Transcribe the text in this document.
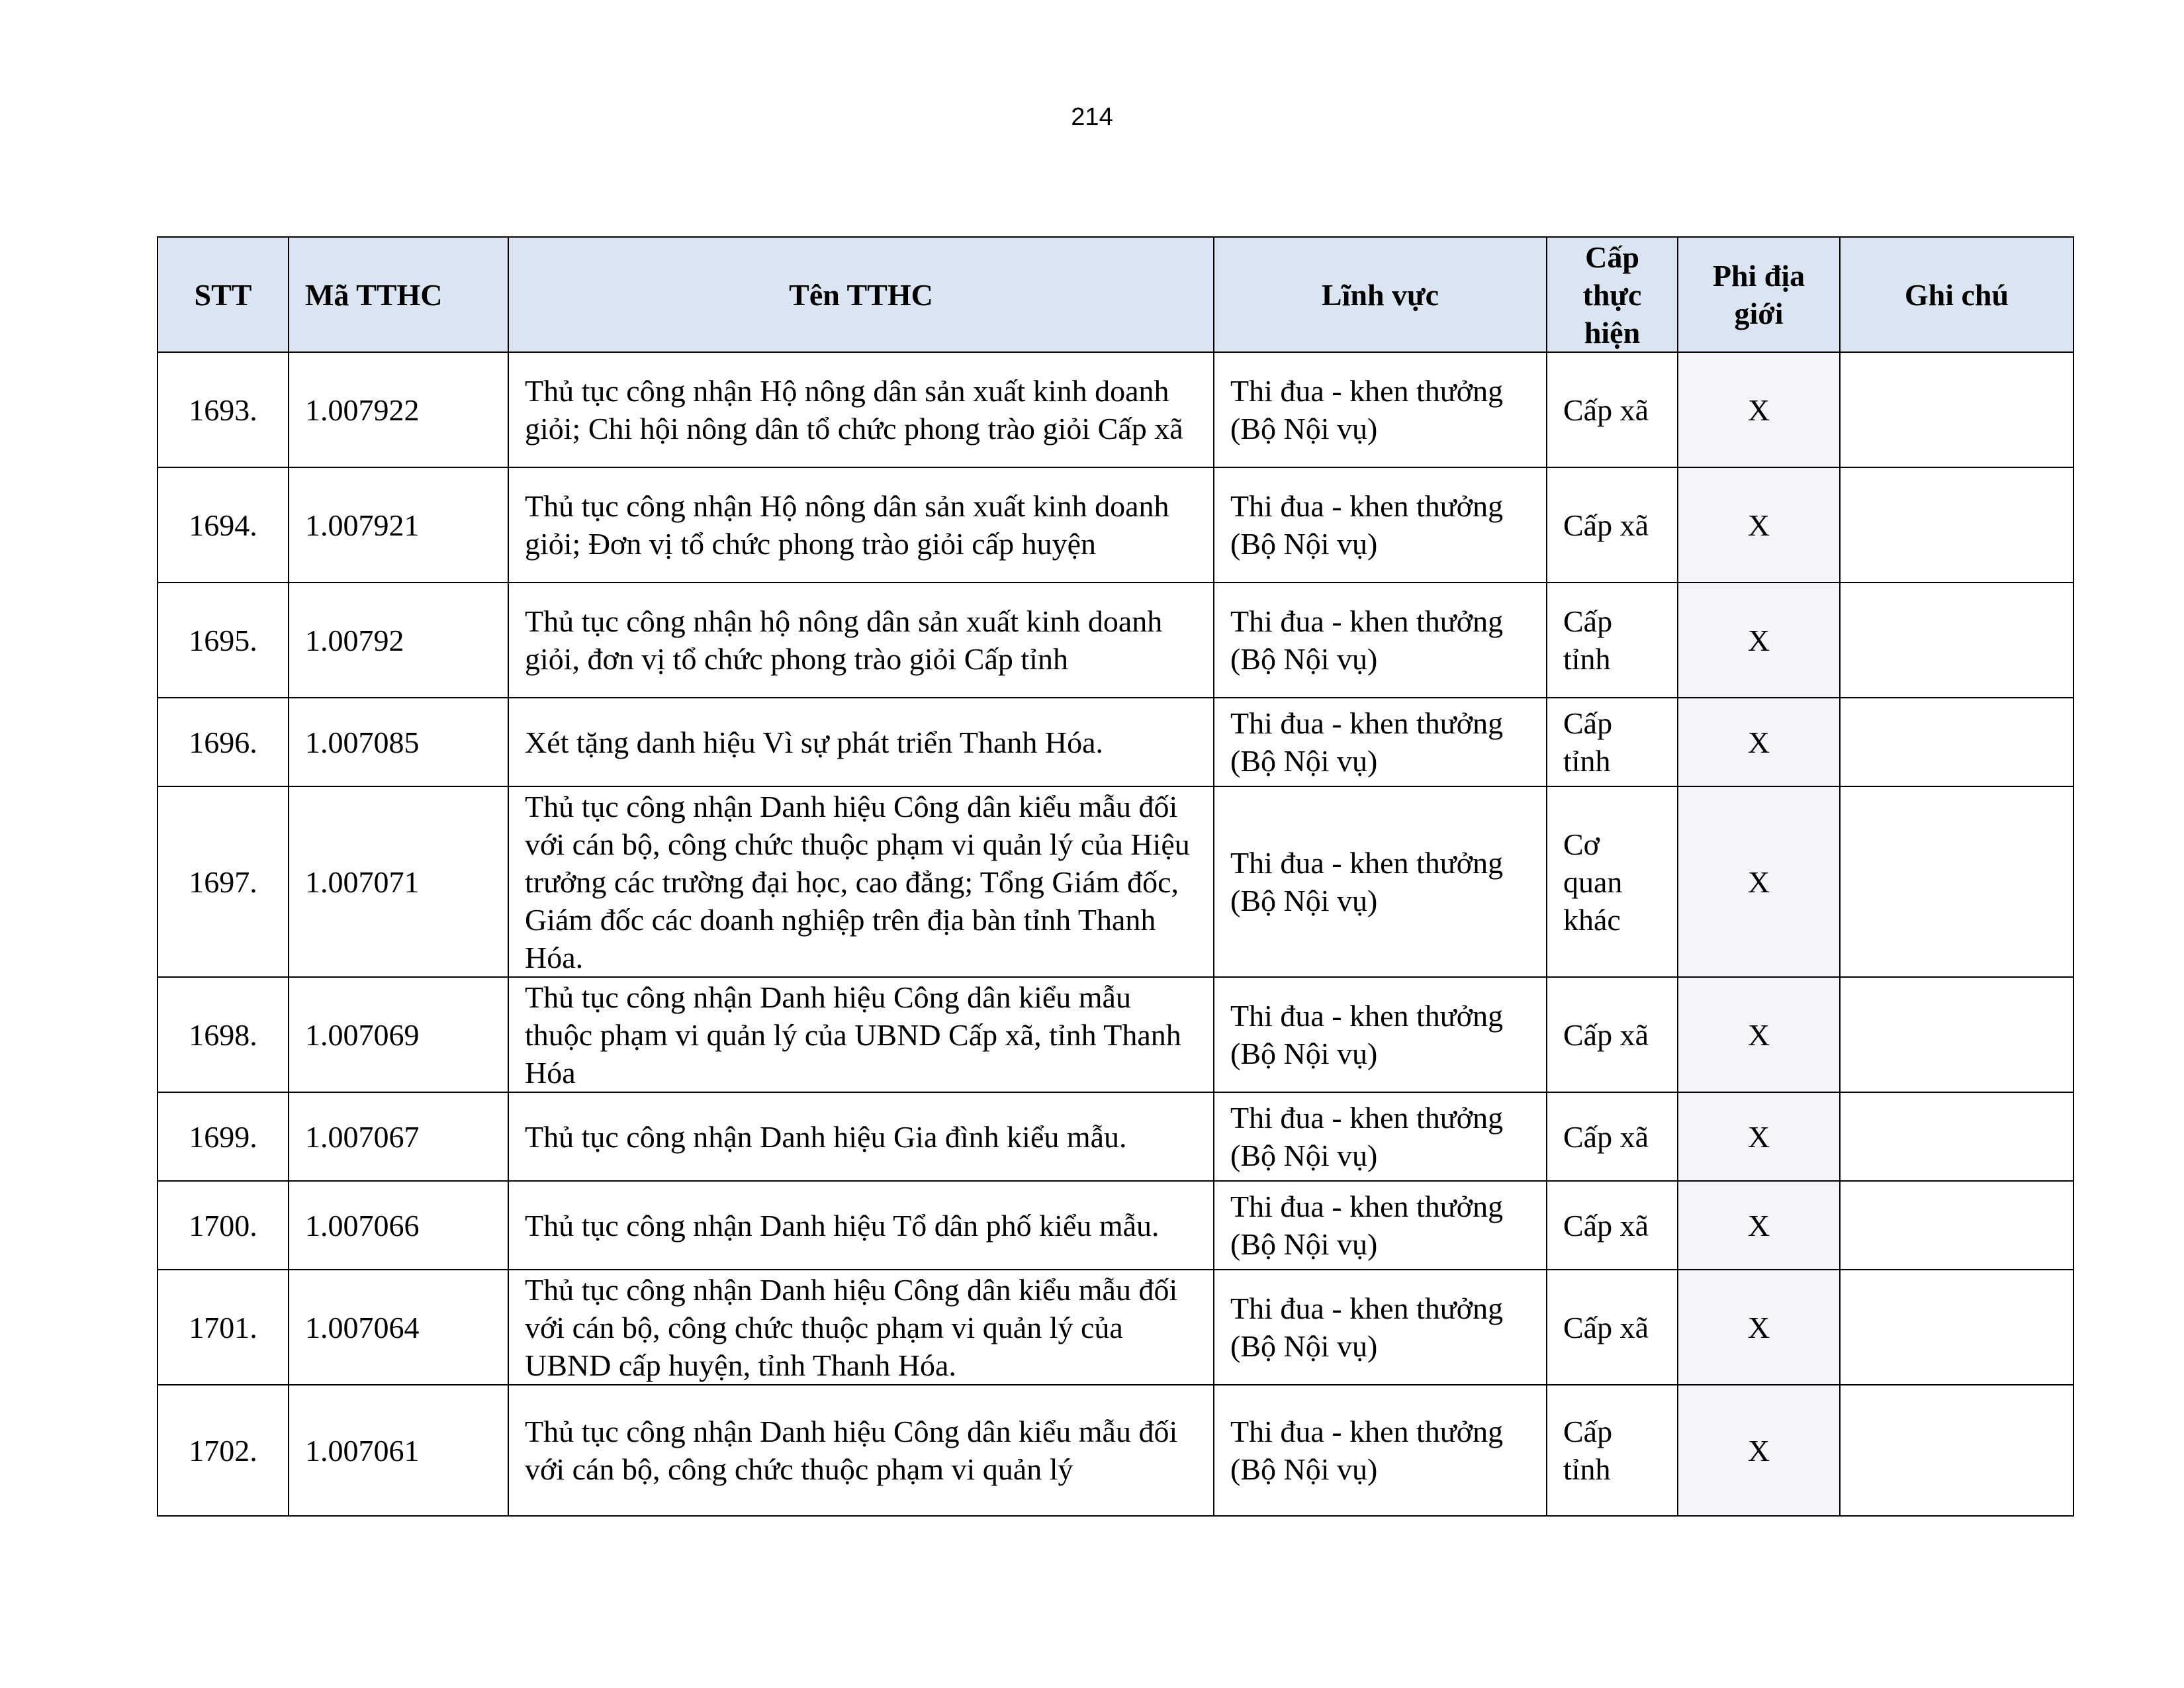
214
STT	Mã TTHC	Tên TTHC	Lĩnh vực	Cấp thực hiện	Phi địa giới	Ghi chú
1693.	1.007922	Thủ tục công nhận Hộ nông dân sản xuất kinh doanh giỏi; Chi hội nông dân tổ chức phong trào giỏi Cấp xã	Thi đua - khen thưởng (Bộ Nội vụ)	Cấp xã	X	
1694.	1.007921	Thủ tục công nhận Hộ nông dân sản xuất kinh doanh giỏi; Đơn vị tổ chức phong trào giỏi cấp huyện	Thi đua - khen thưởng (Bộ Nội vụ)	Cấp xã	X	
1695.	1.00792	Thủ tục công nhận hộ nông dân sản xuất kinh doanh giỏi, đơn vị tổ chức phong trào giỏi Cấp tỉnh	Thi đua - khen thưởng (Bộ Nội vụ)	Cấp tỉnh	X	
1696.	1.007085	Xét tặng danh hiệu Vì sự phát triển Thanh Hóa.	Thi đua - khen thưởng (Bộ Nội vụ)	Cấp tỉnh	X	
1697.	1.007071	Thủ tục công nhận Danh hiệu Công dân kiểu mẫu đối với cán bộ, công chức thuộc phạm vi quản lý của Hiệu trưởng các trường đại học, cao đẳng; Tổng Giám đốc, Giám đốc các doanh nghiệp trên địa bàn tỉnh Thanh Hóa.	Thi đua - khen thưởng (Bộ Nội vụ)	Cơ quan khác	X	
1698.	1.007069	Thủ tục công nhận Danh hiệu Công dân kiểu mẫu thuộc phạm vi quản lý của UBND Cấp xã, tỉnh Thanh Hóa	Thi đua - khen thưởng (Bộ Nội vụ)	Cấp xã	X	
1699.	1.007067	Thủ tục công nhận Danh hiệu Gia đình kiểu mẫu.	Thi đua - khen thưởng (Bộ Nội vụ)	Cấp xã	X	
1700.	1.007066	Thủ tục công nhận Danh hiệu Tổ dân phố kiểu mẫu.	Thi đua - khen thưởng (Bộ Nội vụ)	Cấp xã	X	
1701.	1.007064	Thủ tục công nhận Danh hiệu Công dân kiểu mẫu đối với cán bộ, công chức thuộc phạm vi quản lý của UBND cấp huyện, tỉnh Thanh Hóa.	Thi đua - khen thưởng (Bộ Nội vụ)	Cấp xã	X	
1702.	1.007061	Thủ tục công nhận Danh hiệu Công dân kiểu mẫu đối với cán bộ, công chức thuộc phạm vi quản lý	Thi đua - khen thưởng (Bộ Nội vụ)	Cấp tỉnh	X	
